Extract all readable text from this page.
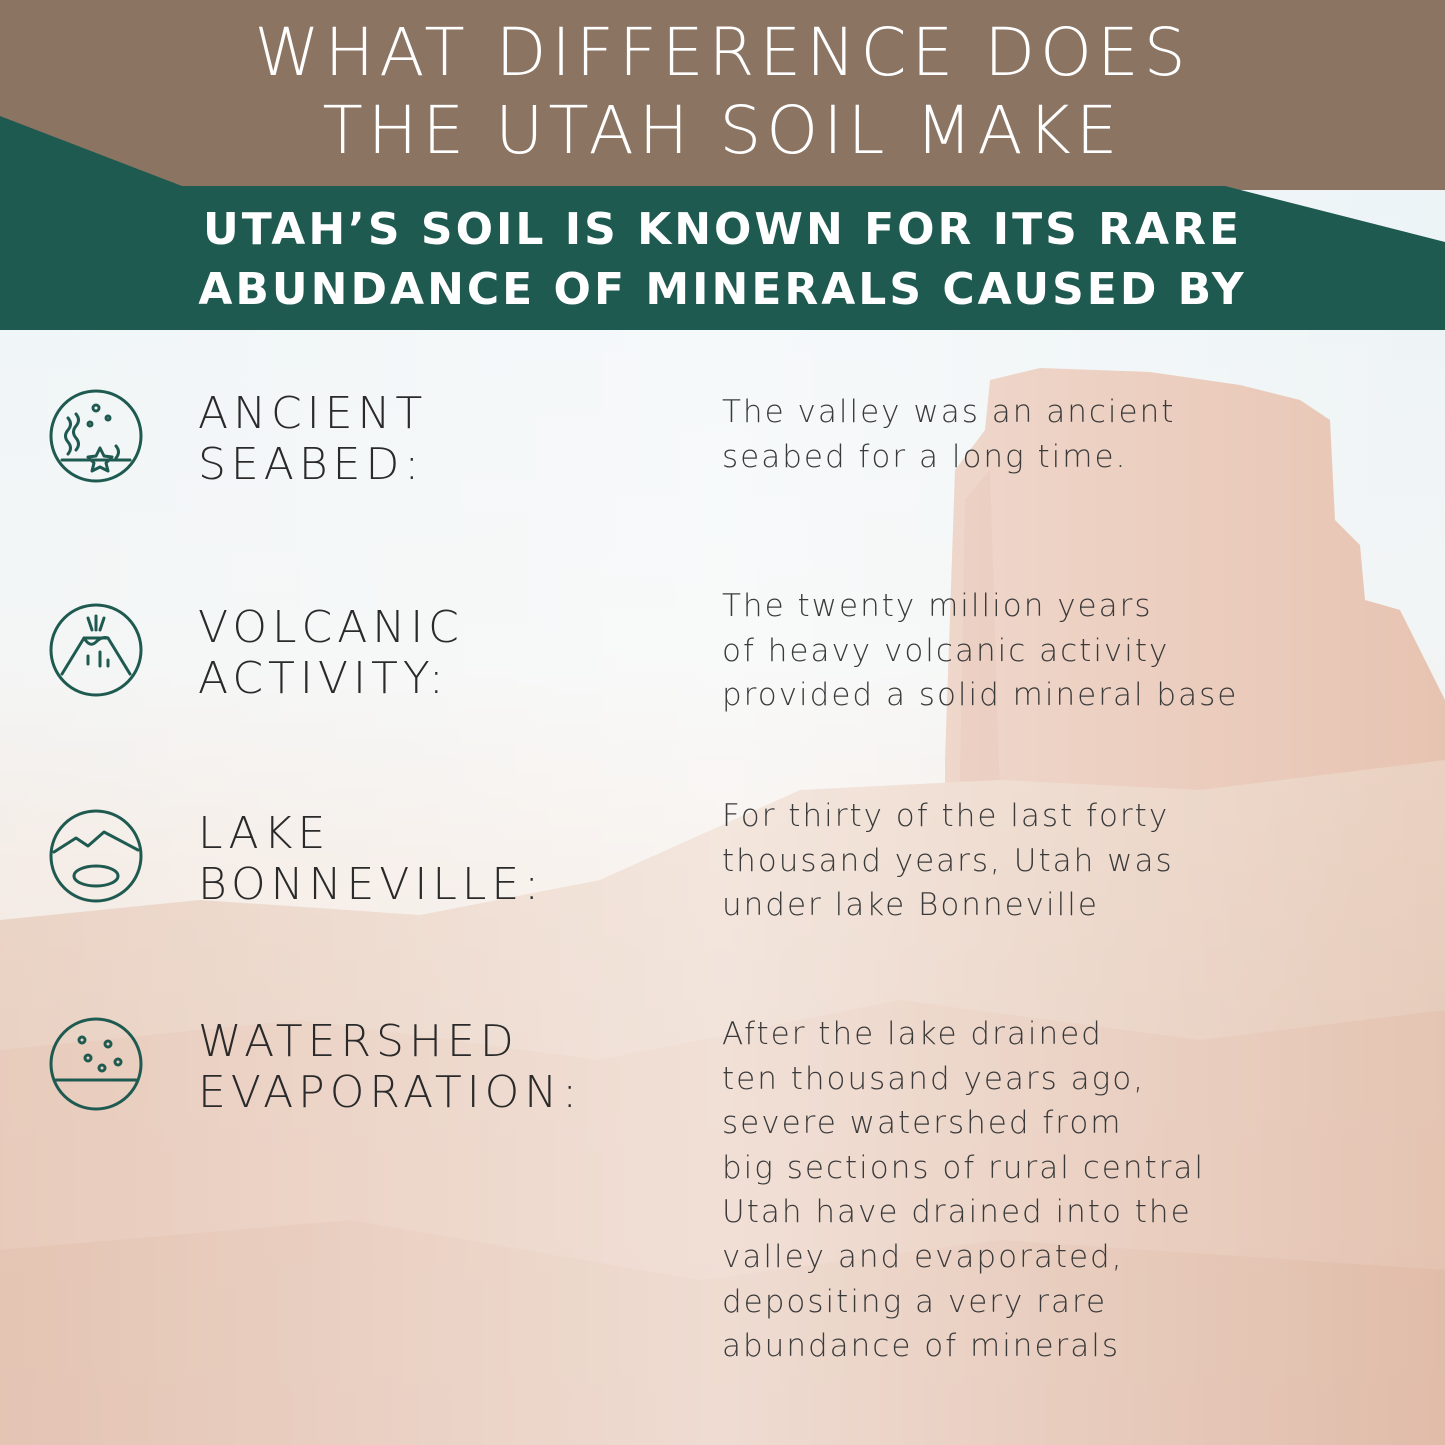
WHAT DIFFERENCE DOES
THE UTAH SOIL MAKE
UTAH’S SOIL IS KNOWN FOR ITS RARE
ABUNDANCE OF MINERALS CAUSED BY
ANCIENT
SEABED:
The valley was an ancient
seabed for a long time.
VOLCANIC
ACTIVITY:
The twenty million years
of heavy volcanic activity
provided a solid mineral base
LAKE
BONNEVILLE:
For thirty of the last forty
thousand years, Utah was
under lake Bonneville
WATERSHED
EVAPORATION:
After the lake drained
ten thousand years ago,
severe watershed from
big sections of rural central
Utah have drained into the
valley and evaporated,
depositing a very rare
abundance of minerals
